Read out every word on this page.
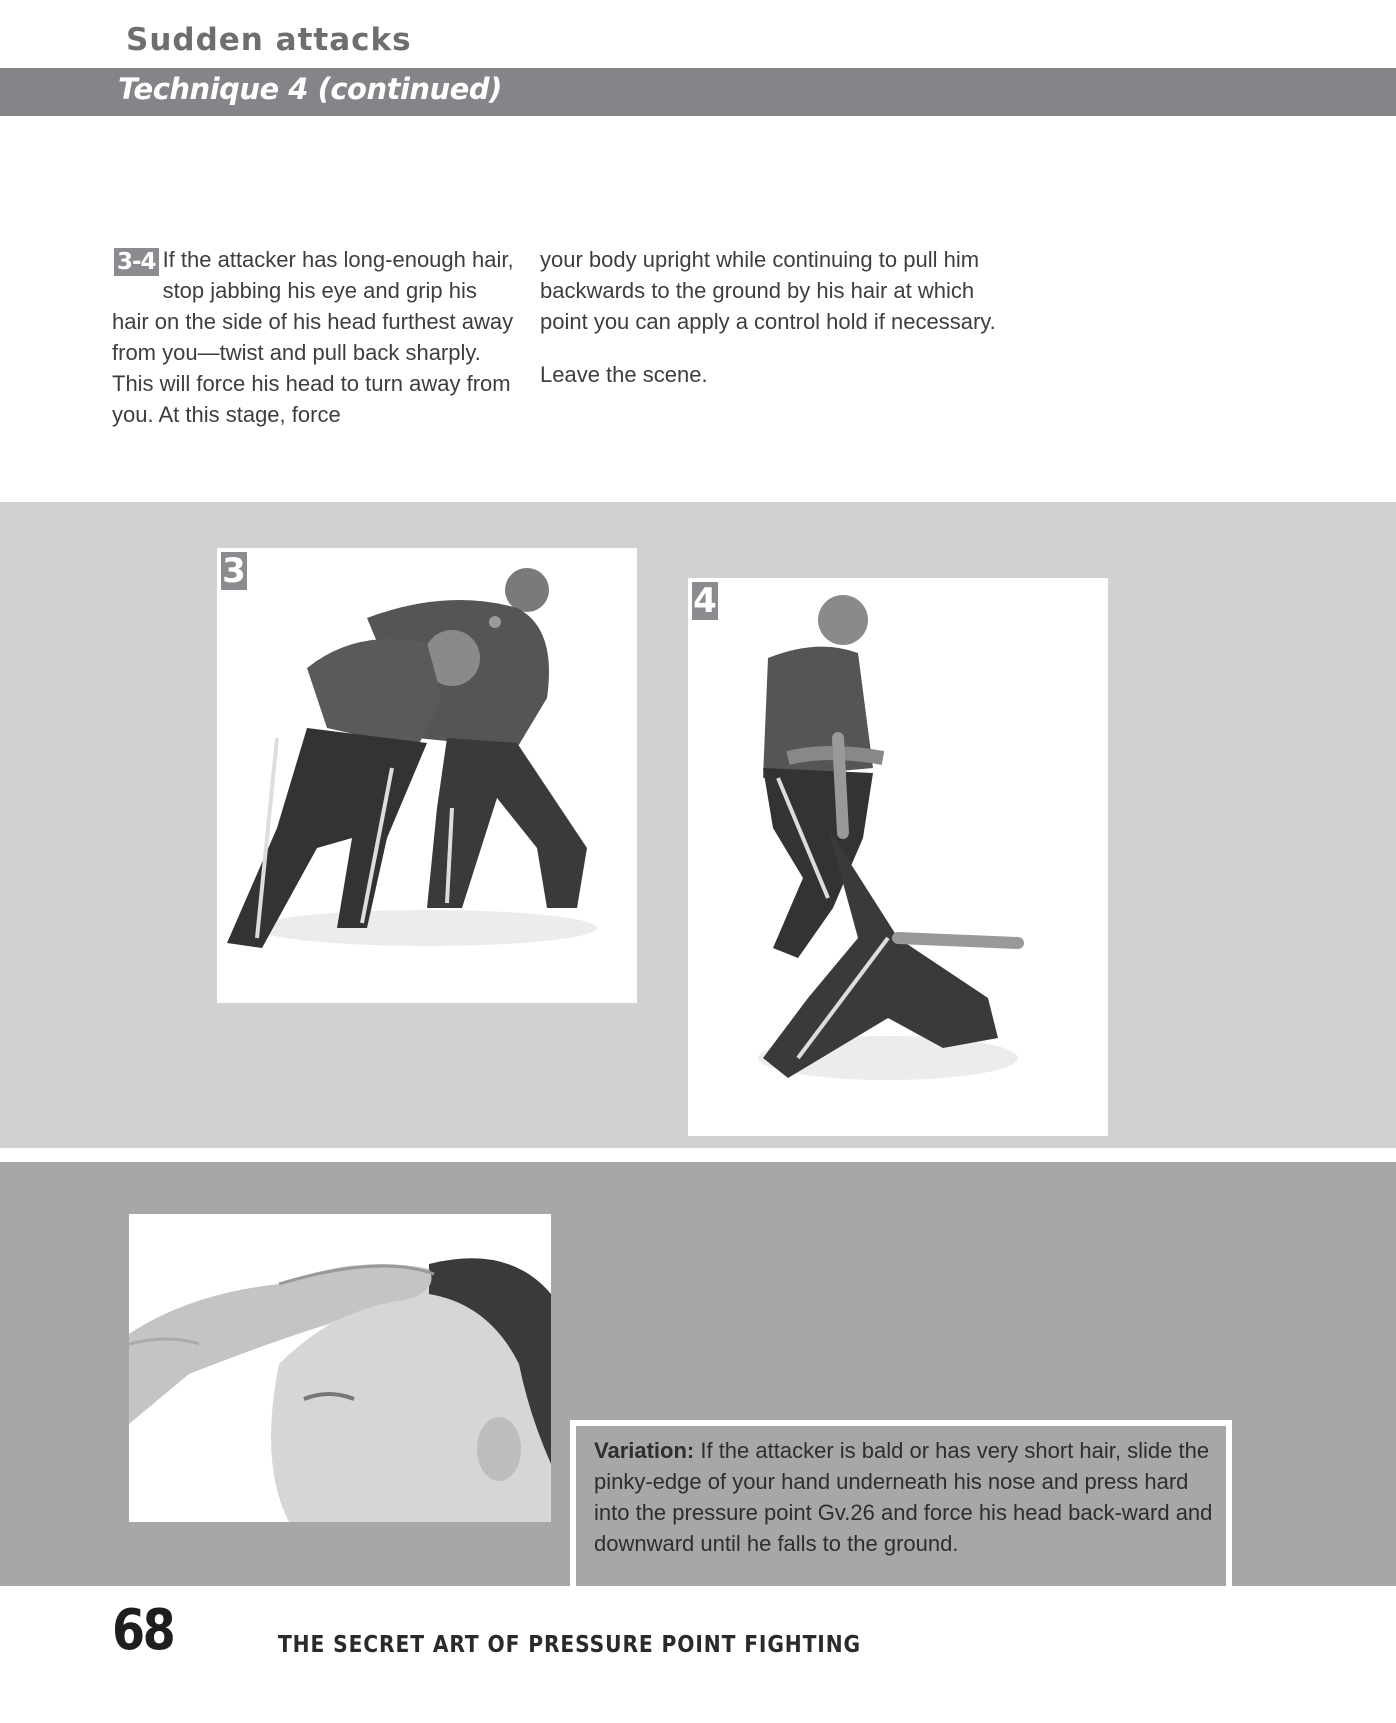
Sudden attacks
Technique 4 (continued)

3-4 If the attacker has long-enough hair, stop jabbing his eye and grip his hair on the side of his head furthest away from you—twist and pull back sharply. This will force his head to turn away from you. At this stage, force

your body upright while continuing to pull him backwards to the ground by his hair at which point you can apply a control hold if necessary.

Leave the scene.

3
4
Variation: If the attacker is bald or has very short hair, slide the pinky-edge of your hand underneath his nose and press hard into the pressure point Gv.26 and force his head back-ward and downward until he falls to the ground.
68	THE SECRET ART OF PRESSURE POINT FIGHTING
